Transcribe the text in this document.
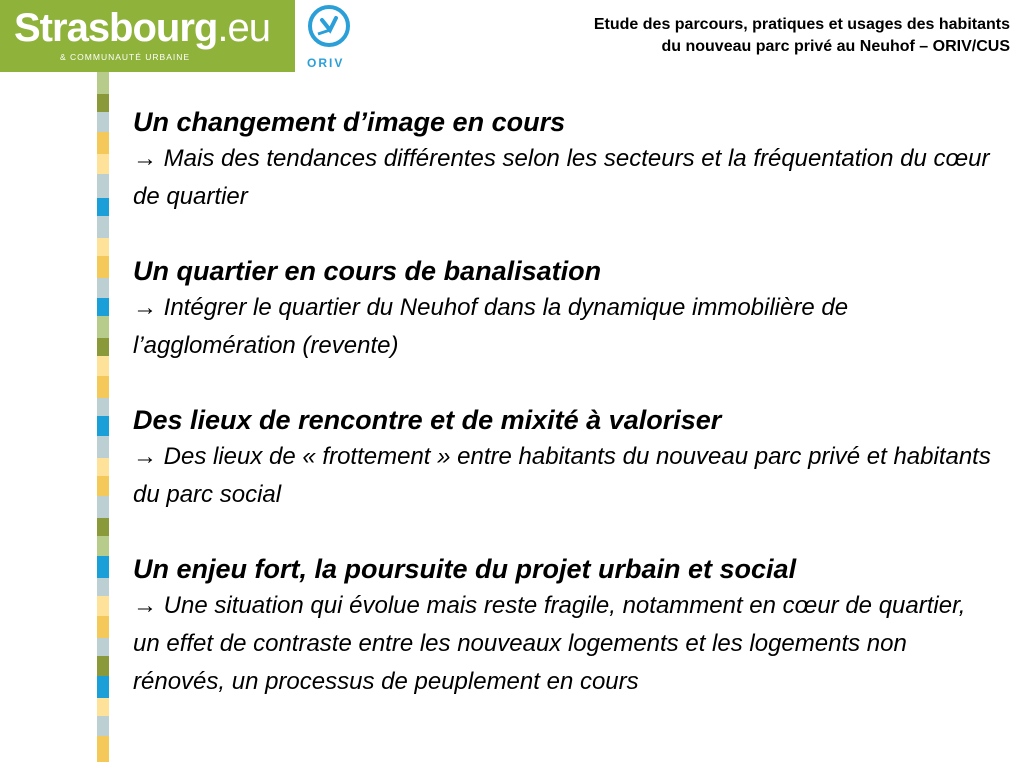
Strasbourg.eu
& COMMUNAUTÉ URBAINE	ORIV
Etude des parcours, pratiques et usages des habitants
du nouveau parc privé au Neuhof – ORIV/CUS
Un changement d’image en cours

→ Mais des tendances différentes selon les secteurs et la fréquentation du cœur de quartier

Un quartier en cours de banalisation

→ Intégrer le quartier du Neuhof dans la dynamique immobilière de l’agglomération (revente)

Des lieux de rencontre et de mixité à valoriser

→ Des lieux de « frottement » entre habitants du nouveau parc privé et habitants du parc social

Un enjeu fort, la poursuite du projet urbain et social

→ Une situation qui évolue mais reste fragile, notamment en cœur de quartier, un effet de contraste entre les nouveaux logements et les logements non rénovés, un processus de peuplement en cours
